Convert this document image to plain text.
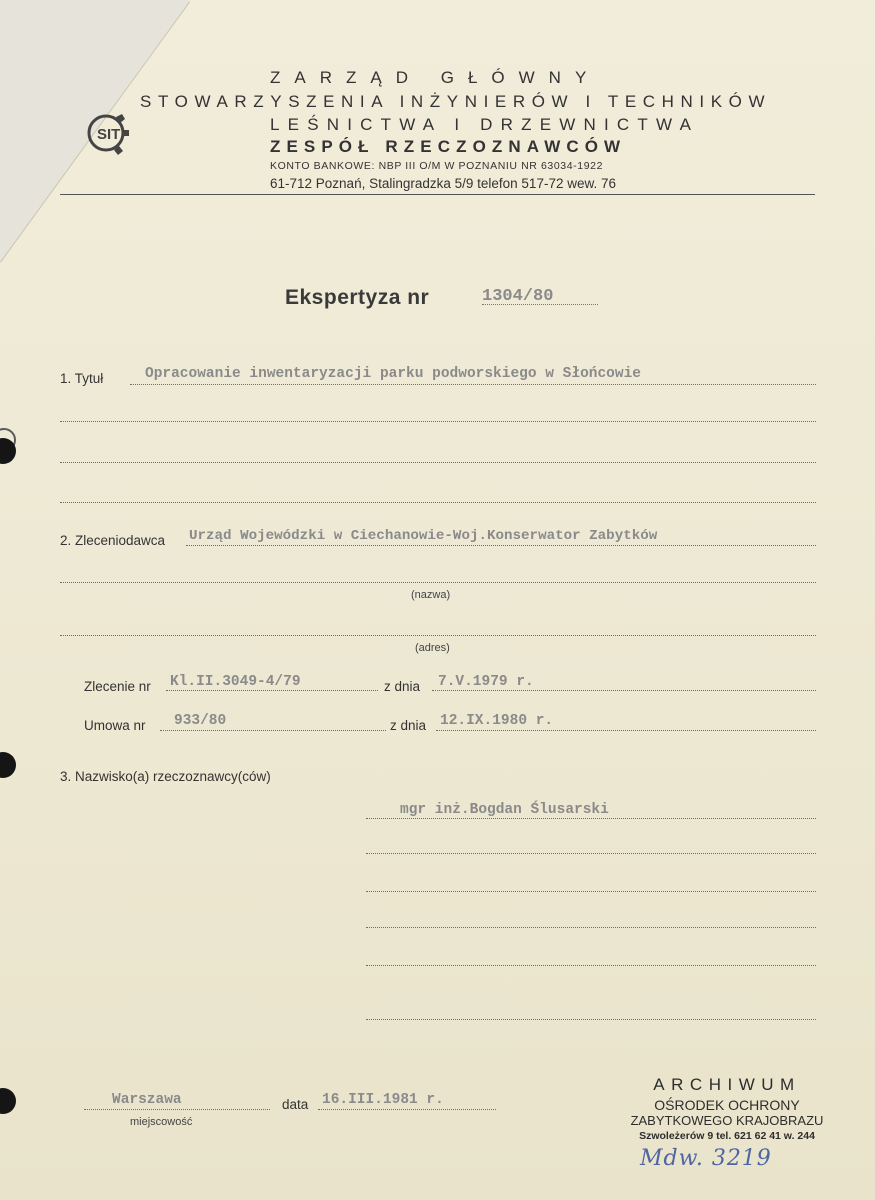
SIT
ZARZĄD GŁÓWNY
STOWARZYSZENIA INŻYNIERÓW I TECHNIKÓW
LEŚNICTWA I DRZEWNICTWA
ZESPÓŁ RZECZOZNAWCÓW
KONTO BANKOWE: NBP III O/M W POZNANIU NR 63034-1922
61-712 Poznań, Stalingradzka 5/9 telefon 517-72 wew. 76
Ekspertyza nr	1304/80
1. Tytuł	Opracowanie inwentaryzacji parku podworskiego w Słońcowie
2. Zleceniodawca Urząd Wojewódzki w Ciechanowie-Woj.Konserwator Zabytków
(nazwa)
(adres)
Zlecenie nr Kl.II.3049-4/79	z dnia 7.V.1979 r.
Umowa nr 933/80	z dnia 12.IX.1980 r.
3. Nazwisko(a) rzeczoznawcy(ców)
mgr inż.Bogdan Ślusarski
Warszawa
miejscowość
data 16.III.1981 r.
ARCHIWUM
OŚRODEK OCHRONY
ZABYTKOWEGO KRAJOBRAZU
Szwoleżerów 9 tel. 621 62 41 w. 244
Mdw. 3219
